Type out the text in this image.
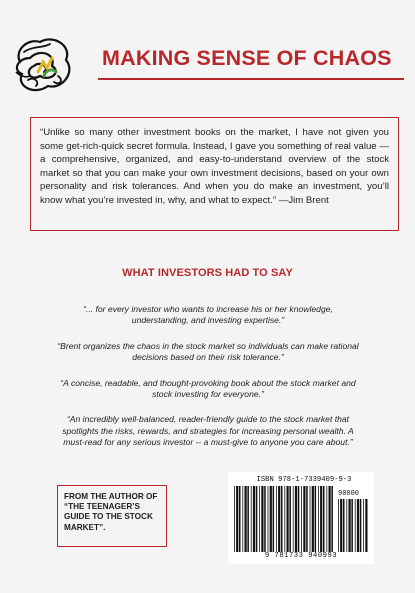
MAKING SENSE OF CHAOS
“Unlike so many other investment books on the market, I have not given you some get-rich-quick secret formula. Instead, I gave you something of real value — a comprehensive, organized, and easy-to-understand overview of the stock market so that you can make your own investment decisions, based on your own personality and risk tolerances. And when you do make an investment, you’ll know what you’re invested in, why, and what to expect.” —Jim Brent
WHAT INVESTORS HAD TO SAY

“... for every investor who wants to increase his or her knowledge, understanding, and investing expertise.”

“Brent organizes the chaos in the stock market so individuals can make rational decisions based on their risk tolerance.”

“A concise, readable, and thought-provoking book about the stock market and stock investing for everyone.”

“An incredibly well-balanced, reader-friendly guide to the stock market that spotlights the risks, rewards, and strategies for increasing personal wealth. A must-read for any serious investor -- a must-give to anyone you care about.”

FROM THE AUTHOR OF “THE TEENAGER’S GUIDE TO THE STOCK MARKET”.
ISBN 978-1-7339409-9-3
90000
9 781733 940993
